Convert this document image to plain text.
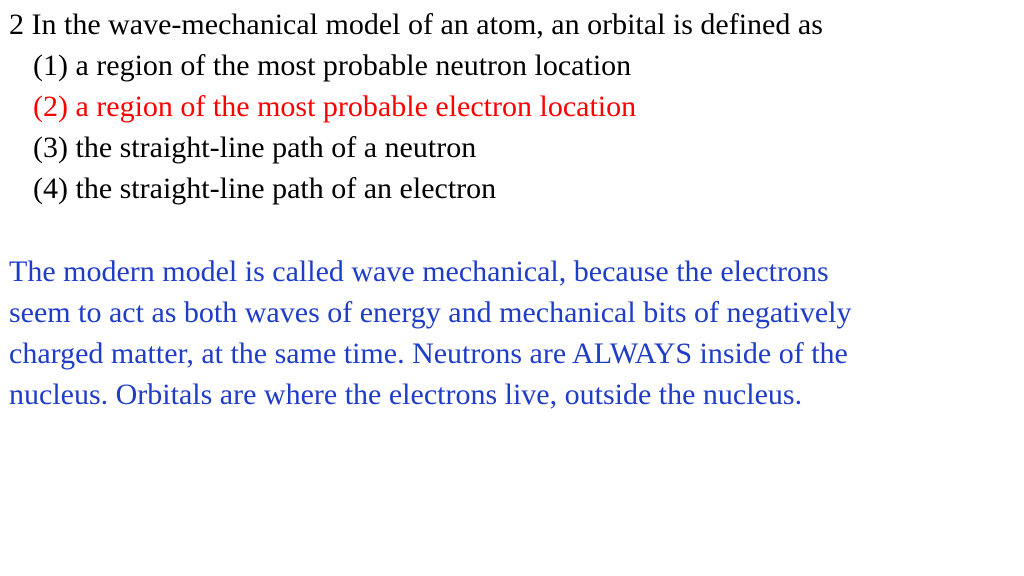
2 In the wave-mechanical model of an atom, an orbital is defined as

(1) a region of the most probable neutron location

(2) a region of the most probable electron location

(3) the straight-line path of a neutron

(4) the straight-line path of an electron

The modern model is called wave mechanical, because the electrons
seem to act as both waves of energy and mechanical bits of negatively
charged matter, at the same time. Neutrons are ALWAYS inside of the
nucleus. Orbitals are where the electrons live, outside the nucleus.
